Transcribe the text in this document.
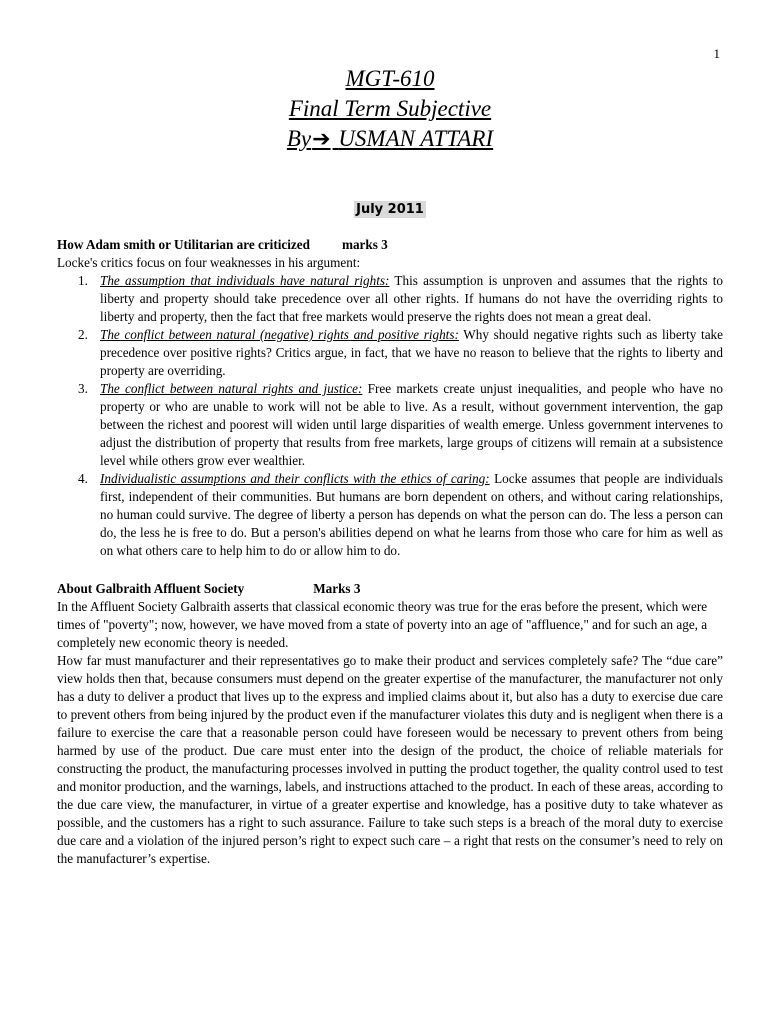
1
MGT-610
Final Term Subjective
By➔ USMAN ATTARI
July 2011
How Adam smith or Utilitarian are criticized marks 3
Locke's critics focus on four weaknesses in his argument:
1. The assumption that individuals have natural rights: This assumption is unproven and assumes that the rights to liberty and property should take precedence over all other rights. If humans do not have the overriding rights to liberty and property, then the fact that free markets would preserve the rights does not mean a great deal.
2. The conflict between natural (negative) rights and positive rights: Why should negative rights such as liberty take precedence over positive rights? Critics argue, in fact, that we have no reason to believe that the rights to liberty and property are overriding.
3. The conflict between natural rights and justice: Free markets create unjust inequalities, and people who have no property or who are unable to work will not be able to live. As a result, without government intervention, the gap between the richest and poorest will widen until large disparities of wealth emerge. Unless government intervenes to adjust the distribution of property that results from free markets, large groups of citizens will remain at a subsistence level while others grow ever wealthier.
4. Individualistic assumptions and their conflicts with the ethics of caring: Locke assumes that people are individuals first, independent of their communities. But humans are born dependent on others, and without caring relationships, no human could survive. The degree of liberty a person has depends on what the person can do. The less a person can do, the less he is free to do. But a person's abilities depend on what he learns from those who care for him as well as on what others care to help him to do or allow him to do.
About Galbraith Affluent Society	Marks 3
In the Affluent Society Galbraith asserts that classical economic theory was true for the eras before the present, which were times of "poverty"; now, however, we have moved from a state of poverty into an age of "affluence," and for such an age, a completely new economic theory is needed.
How far must manufacturer and their representatives go to make their product and services completely safe? The “due care” view holds then that, because consumers must depend on the greater expertise of the manufacturer, the manufacturer not only has a duty to deliver a product that lives up to the express and implied claims about it, but also has a duty to exercise due care to prevent others from being injured by the product even if the manufacturer violates this duty and is negligent when there is a failure to exercise the care that a reasonable person could have foreseen would be necessary to prevent others from being harmed by use of the product. Due care must enter into the design of the product, the choice of reliable materials for constructing the product, the manufacturing processes involved in putting the product together, the quality control used to test and monitor production, and the warnings, labels, and instructions attached to the product. In each of these areas, according to the due care view, the manufacturer, in virtue of a greater expertise and knowledge, has a positive duty to take whatever as possible, and the customers has a right to such assurance. Failure to take such steps is a breach of the moral duty to exercise due care and a violation of the injured person’s right to expect such care – a right that rests on the consumer’s need to rely on the manufacturer’s expertise.
